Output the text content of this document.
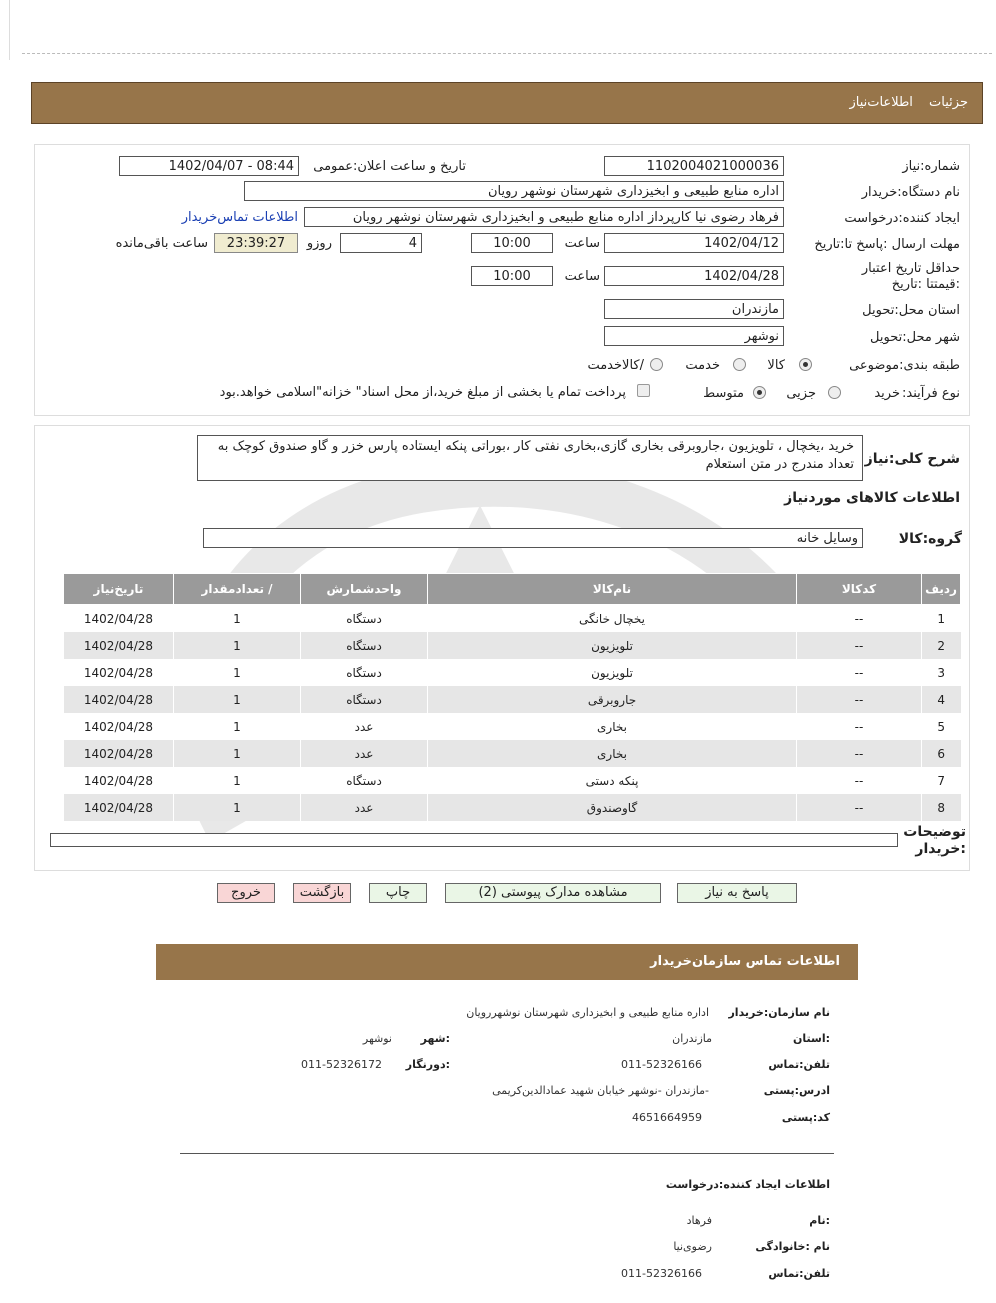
جزئیات اطلاعات‌نیاز
شماره:نیاز
1102004021000036
تاریخ و ساعت اعلان:عمومی
1402/04/07 - 08:44
نام دستگاه:خریدار
اداره منابع طبیعی و ابخیزداری شهرستان نوشهر رویان
ایجاد کننده:درخواست
فرهاد رضوی نیا کارپرداز اداره منابع طبیعی و ابخیزداری شهرستان نوشهر رویان
اطلاعات تماس‌خریدار
مهلت ارسال :پاسخ تا:تاریخ
1402/04/12
ساعت
10:00
4
روزو
23:39:27
ساعت باقی‌مانده
حداقل تاریخ اعتبار :قیمتتا :تاریخ
1402/04/28
ساعت
10:00
استان محل:تحویل
مازندران
شهر محل:تحویل
نوشهر
طبقه بندی:موضوعی
کالا
خدمت
/کالاخدمت
نوع فرآیند:
خرید
جزیی
متوسط
پرداخت تمام یا بخشی از مبلغ خرید،از محل اسناد" خزانه"اسلامی خواهد.بود
شرح کلی:نیاز
خرید ،یخچال ، تلویزیون ،جاروبرقی بخاری گازی،بخاری نفتی کار ،بوراتی پنکه ایستاده پارس خزر و گاو صندوق کوچک به تعداد مندرج در متن استعلام
اطلاعات کالاهای موردنیاز
گروه:کالا
وسایل خانه
ردیف	کدکالا	نام‌کالا	واحدشمارش	/ تعدادمقدار	تاریخ‌نیاز
1	--	یخچال خانگی	دستگاه	1	1402/04/28
2	--	تلویزیون	دستگاه	1	1402/04/28
3	--	تلویزیون	دستگاه	1	1402/04/28
4	--	جاروبرقی	دستگاه	1	1402/04/28
5	--	بخاری	عدد	1	1402/04/28
6	--	بخاری	عدد	1	1402/04/28
7	--	پنکه دستی	دستگاه	1	1402/04/28
8	--	گاوصندوق	عدد	1	1402/04/28
توضیحات :خریدار
پاسخ به نیاز
مشاهده مدارک پیوستی (2)
چاپ
بازگشت
خروج
اطلاعات تماس سازمان‌خریدار
نام سازمان:خریدار
اداره منابع طبیعی و ابخیزداری شهرستان نوشهررویان
:استان
مازندران
:شهر
نوشهر
تلفن:تماس
011-52326166
:دورنگار
011-52326172
ادرس:پستی
-مازندران -نوشهر خیابان شهید عمادالدین‌کریمی
کد:پستی
4651664959
اطلاعات ایجاد کننده:درخواست
:نام
فرهاد
نام :خانوادگی
رضوی‌نیا
تلفن:تماس
011-52326166
